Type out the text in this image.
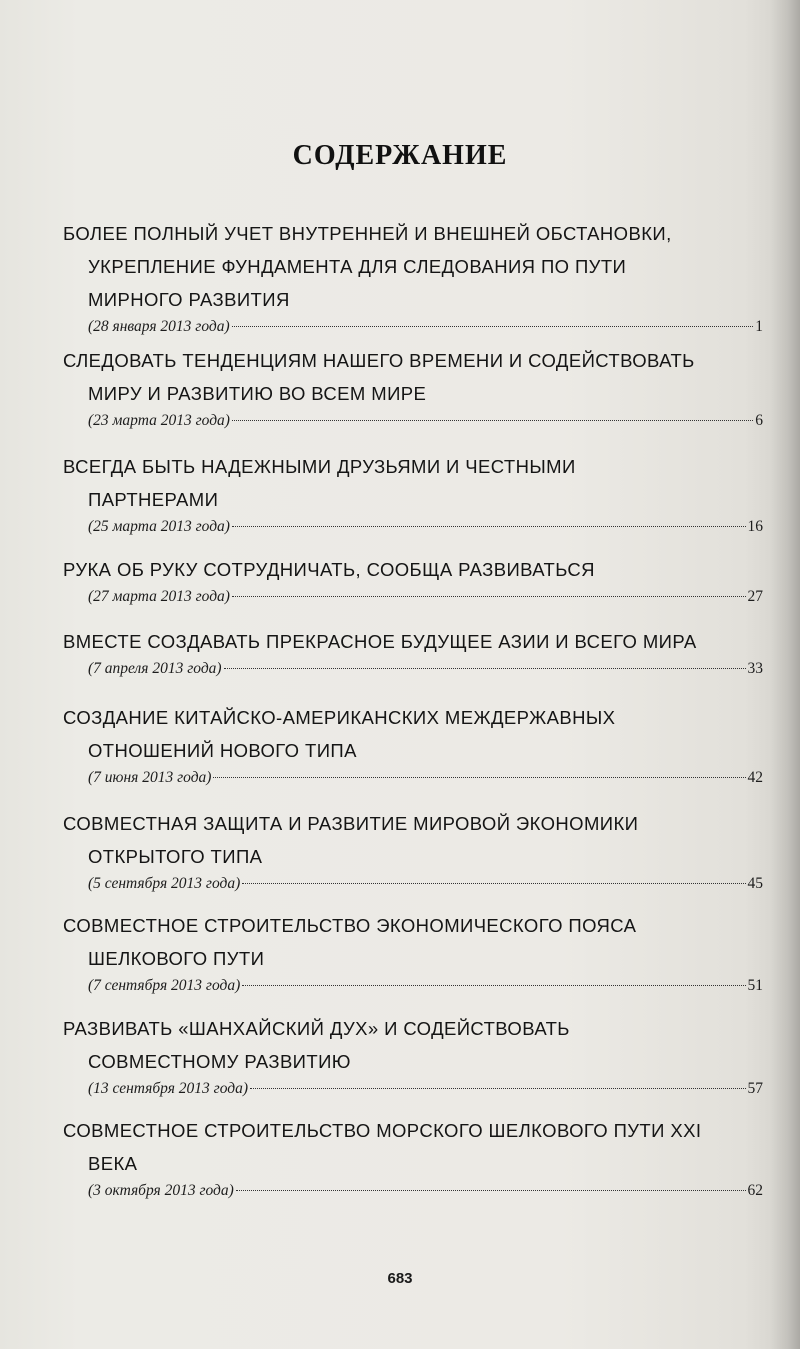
СОДЕРЖАНИЕ
БОЛЕЕ ПОЛНЫЙ УЧЕТ ВНУТРЕННЕЙ И ВНЕШНЕЙ ОБСТАНОВКИ,
УКРЕПЛЕНИЕ ФУНДАМЕНТА ДЛЯ СЛЕДОВАНИЯ ПО ПУТИ
МИРНОГО РАЗВИТИЯ
(28 января 2013 года)	1
СЛЕДОВАТЬ ТЕНДЕНЦИЯМ НАШЕГО ВРЕМЕНИ И СОДЕЙСТВОВАТЬ
МИРУ И РАЗВИТИЮ ВО ВСЕМ МИРЕ
(23 марта 2013 года)	6
ВСЕГДА БЫТЬ НАДЕЖНЫМИ ДРУЗЬЯМИ И ЧЕСТНЫМИ
ПАРТНЕРАМИ
(25 марта 2013 года)	16
РУКА ОБ РУКУ СОТРУДНИЧАТЬ, СООБЩА РАЗВИВАТЬСЯ
(27 марта 2013 года)	27
ВМЕСТЕ СОЗДАВАТЬ ПРЕКРАСНОЕ БУДУЩЕЕ АЗИИ И ВСЕГО МИРА
(7 апреля 2013 года)	33
СОЗДАНИЕ КИТАЙСКО-АМЕРИКАНСКИХ МЕЖДЕРЖАВНЫХ
ОТНОШЕНИЙ НОВОГО ТИПА
(7 июня 2013 года)	42
СОВМЕСТНАЯ ЗАЩИТА И РАЗВИТИЕ МИРОВОЙ ЭКОНОМИКИ
ОТКРЫТОГО ТИПА
(5 сентября 2013 года)	45
СОВМЕСТНОЕ СТРОИТЕЛЬСТВО ЭКОНОМИЧЕСКОГО ПОЯСА
ШЕЛКОВОГО ПУТИ
(7 сентября 2013 года)	51
РАЗВИВАТЬ «ШАНХАЙСКИЙ ДУХ» И СОДЕЙСТВОВАТЬ
СОВМЕСТНОМУ РАЗВИТИЮ
(13 сентября 2013 года)	57
СОВМЕСТНОЕ СТРОИТЕЛЬСТВО МОРСКОГО ШЕЛКОВОГО ПУТИ XXI
ВЕКА
(3 октября 2013 года)	62
683
